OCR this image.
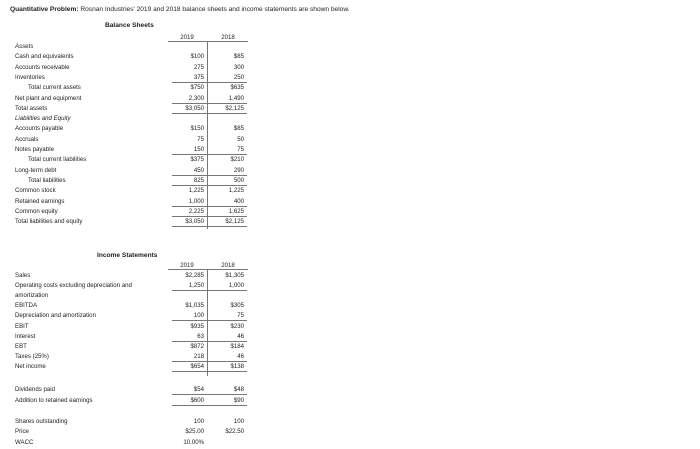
Quantitative Problem: Rosnan Industries' 2019 and 2018 balance sheets and income statements are shown below.
Balance Sheets
2019	2018
Assets
Cash and equivalents	$100	$85
Accounts receivable	275	300
Inventories	375	250
Total current assets	$750	$635
Net plant and equipment	2,300	1,490
Total assets	$3,050	$2,125
Liabilities and Equity
Accounts payable	$150	$85
Accruals	75	50
Notes payable	150	75
Total current liabilities	$375	$210
Long-term debt	450	290
Total liabilities	825	500
Common stock	1,225	1,225
Retained earnings	1,000	400
Common equity	2,225	1,625
Total liabilities and equity	$3,050	$2,125
Income Statements
2019	2018
Sales	$2,285	$1,305
Operating costs excluding depreciation and	1,250	1,000
amortization
EBITDA	$1,035	$305
Depreciation and amortization	100	75
EBIT	$935	$230
Interest	63	46
EBT	$872	$184
Taxes (25%)	218	46
Net income	$654	$138
Dividends paid	$54	$48
Addition to retained earnings	$600	$90
Shares outstanding	100	100
Price	$25.00	$22.50
WACC	10.00%
